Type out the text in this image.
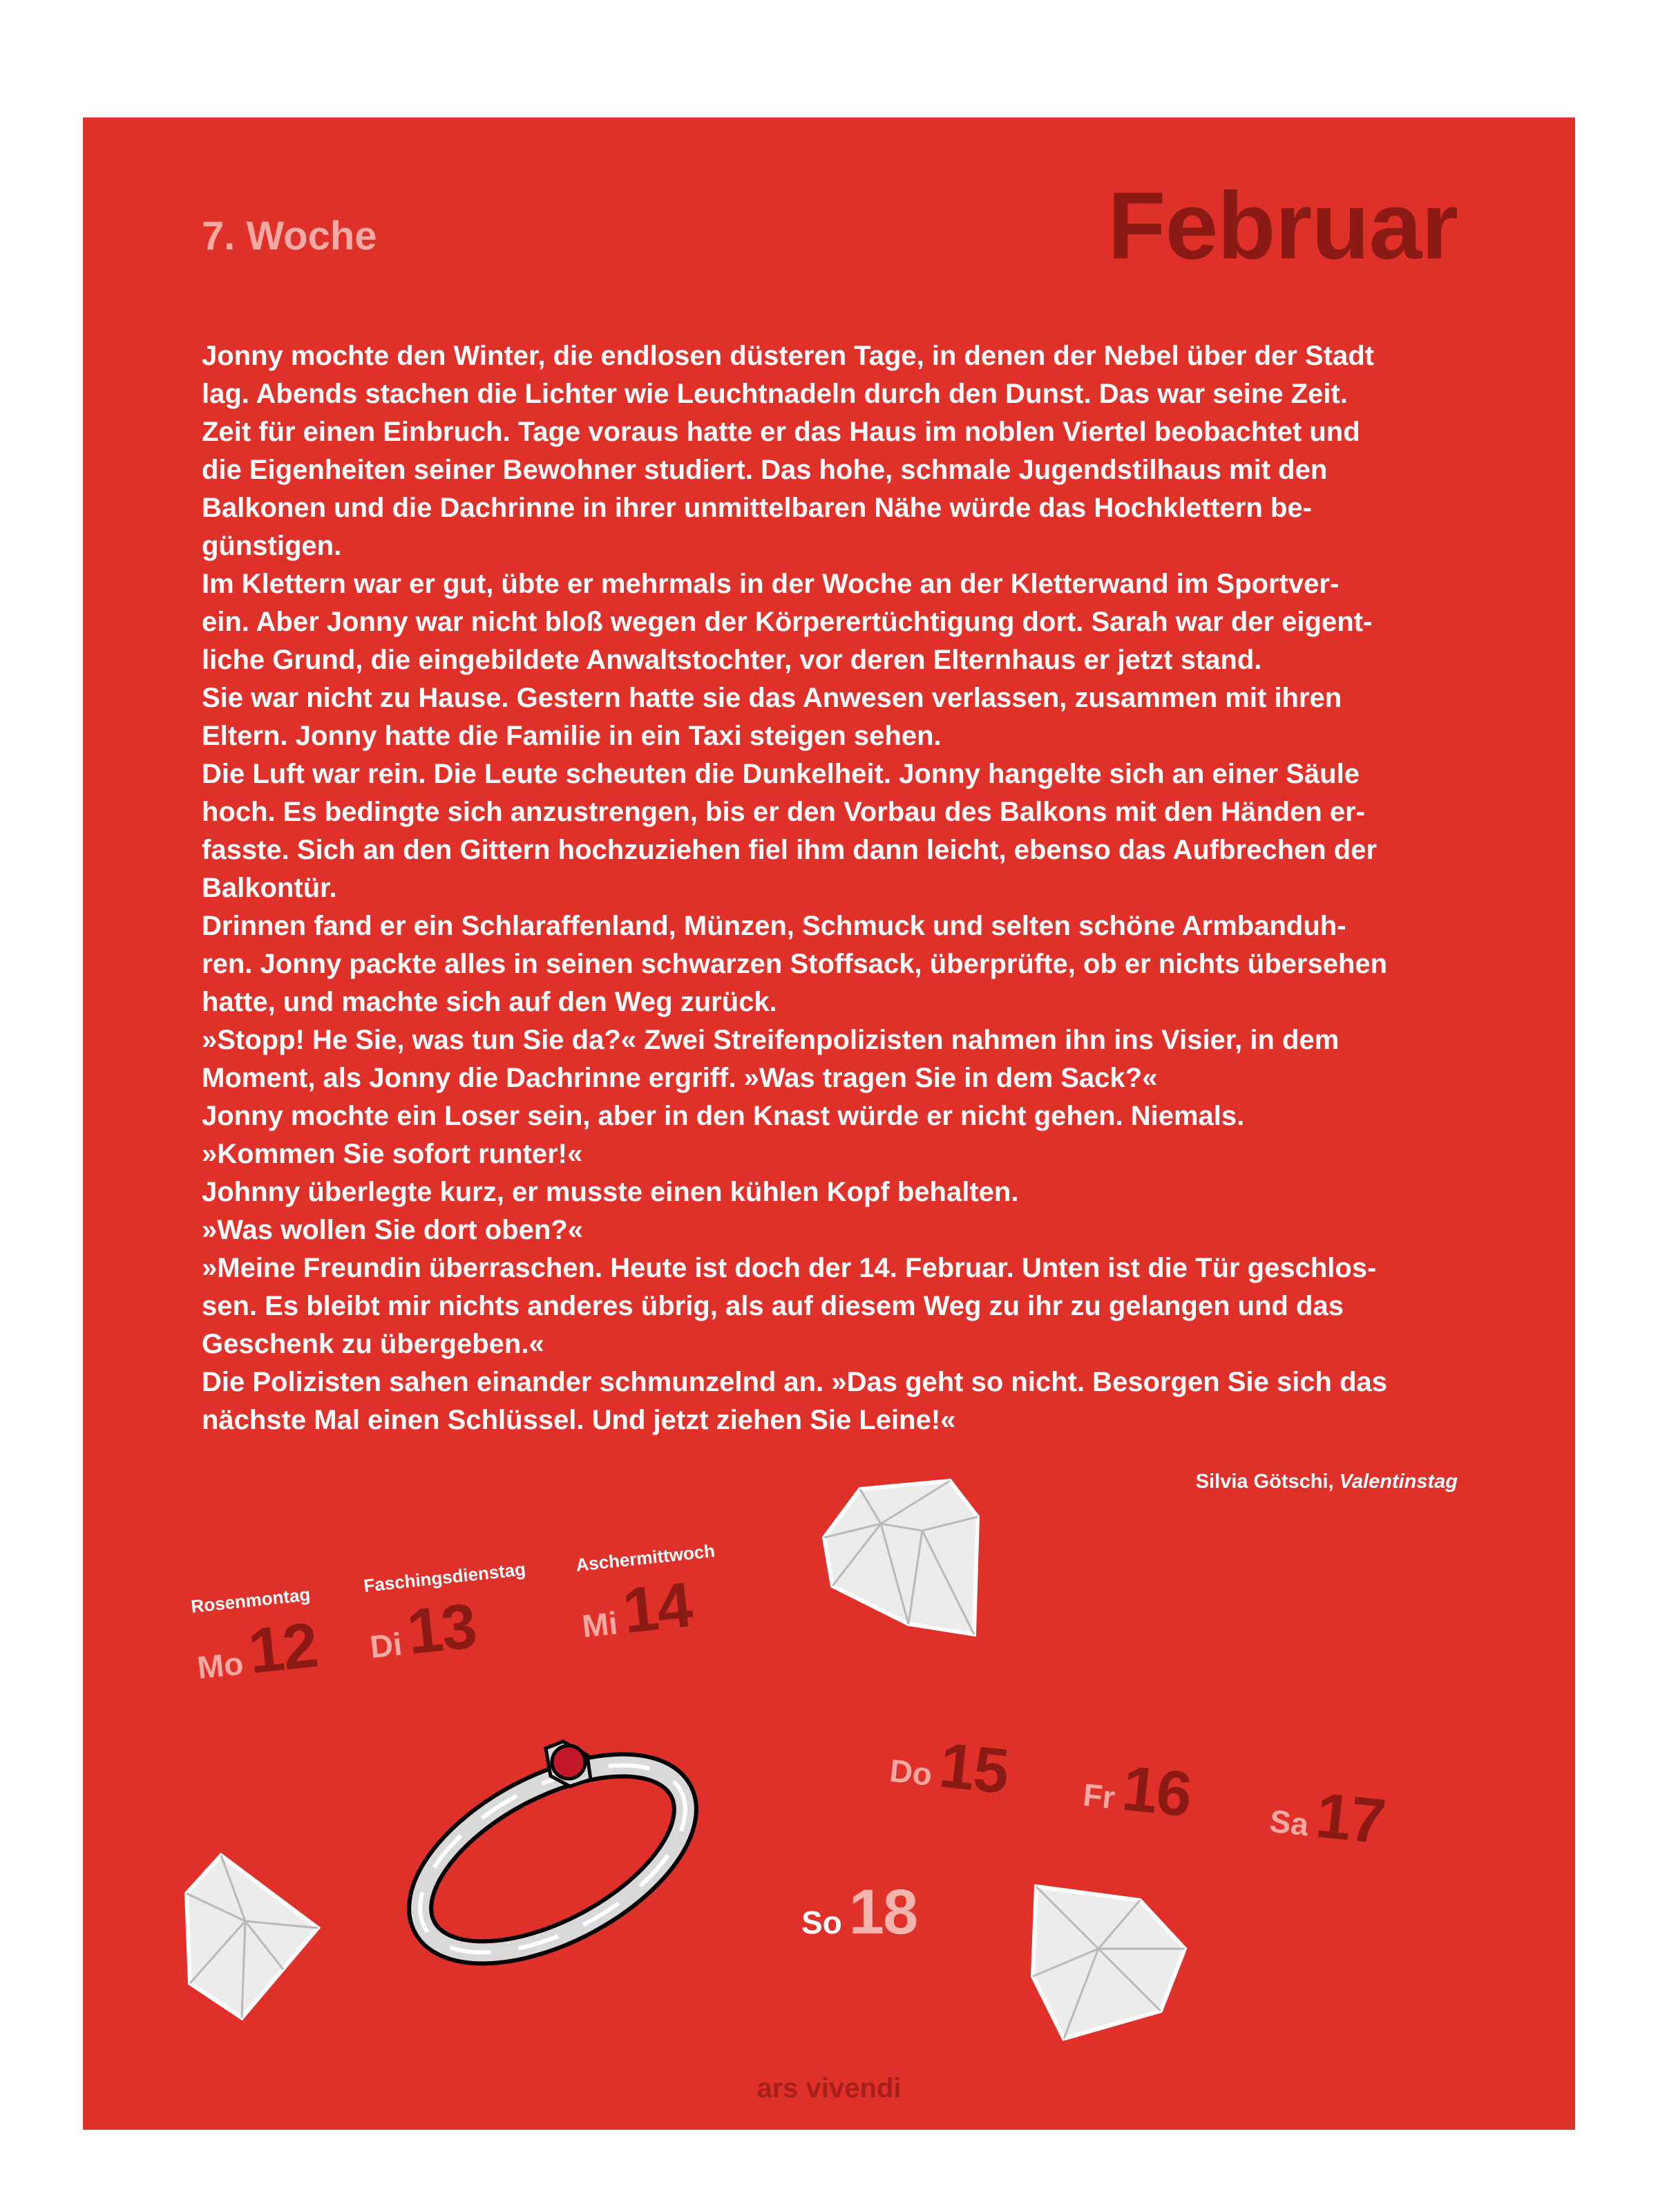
7. Woche	Februar

Jonny mochte den Winter, die endlosen düsteren Tage, in denen der Nebel über der Stadt

lag. Abends stachen die Lichter wie Leuchtnadeln durch den Dunst. Das war seine Zeit.

Zeit für einen Einbruch. Tage voraus hatte er das Haus im noblen Viertel beobachtet und

die Eigenheiten seiner Bewohner studiert. Das hohe, schmale Jugendstilhaus mit den

Balkonen und die Dachrinne in ihrer unmittelbaren Nähe würde das Hochklettern be-

günstigen.

Im Klettern war er gut, übte er mehrmals in der Woche an der Kletterwand im Sportver-

ein. Aber Jonny war nicht bloß wegen der Körperertüchtigung dort. Sarah war der eigent-

liche Grund, die eingebildete Anwaltstochter, vor deren Elternhaus er jetzt stand.

Sie war nicht zu Hause. Gestern hatte sie das Anwesen verlassen, zusammen mit ihren

Eltern. Jonny hatte die Familie in ein Taxi steigen sehen.

Die Luft war rein. Die Leute scheuten die Dunkelheit. Jonny hangelte sich an einer Säule

hoch. Es bedingte sich anzustrengen, bis er den Vorbau des Balkons mit den Händen er-

fasste. Sich an den Gittern hochzuziehen fiel ihm dann leicht, ebenso das Aufbrechen der

Balkontür.

Drinnen fand er ein Schlaraffenland, Münzen, Schmuck und selten schöne Armbanduh-

ren. Jonny packte alles in seinen schwarzen Stoffsack, überprüfte, ob er nichts übersehen

hatte, und machte sich auf den Weg zurück.

»Stopp! He Sie, was tun Sie da?« Zwei Streifenpolizisten nahmen ihn ins Visier, in dem

Moment, als Jonny die Dachrinne ergriff. »Was tragen Sie in dem Sack?«

Jonny mochte ein Loser sein, aber in den Knast würde er nicht gehen. Niemals.

»Kommen Sie sofort runter!«

Johnny überlegte kurz, er musste einen kühlen Kopf behalten.

»Was wollen Sie dort oben?«

»Meine Freundin überraschen. Heute ist doch der 14. Februar. Unten ist die Tür geschlos-

sen. Es bleibt mir nichts anderes übrig, als auf diesem Weg zu ihr zu gelangen und das

Geschenk zu übergeben.«

Die Polizisten sahen einander schmunzelnd an. »Das geht so nicht. Besorgen Sie sich das

nächste Mal einen Schlüssel. Und jetzt ziehen Sie Leine!«

Silvia Götschi, Valentinstag
Rosenmontag
Mo12
Faschingsdienstag
Di13
Aschermittwoch
Mi14
Do15 Fr16 Sa17
So 18
ars vivendi
